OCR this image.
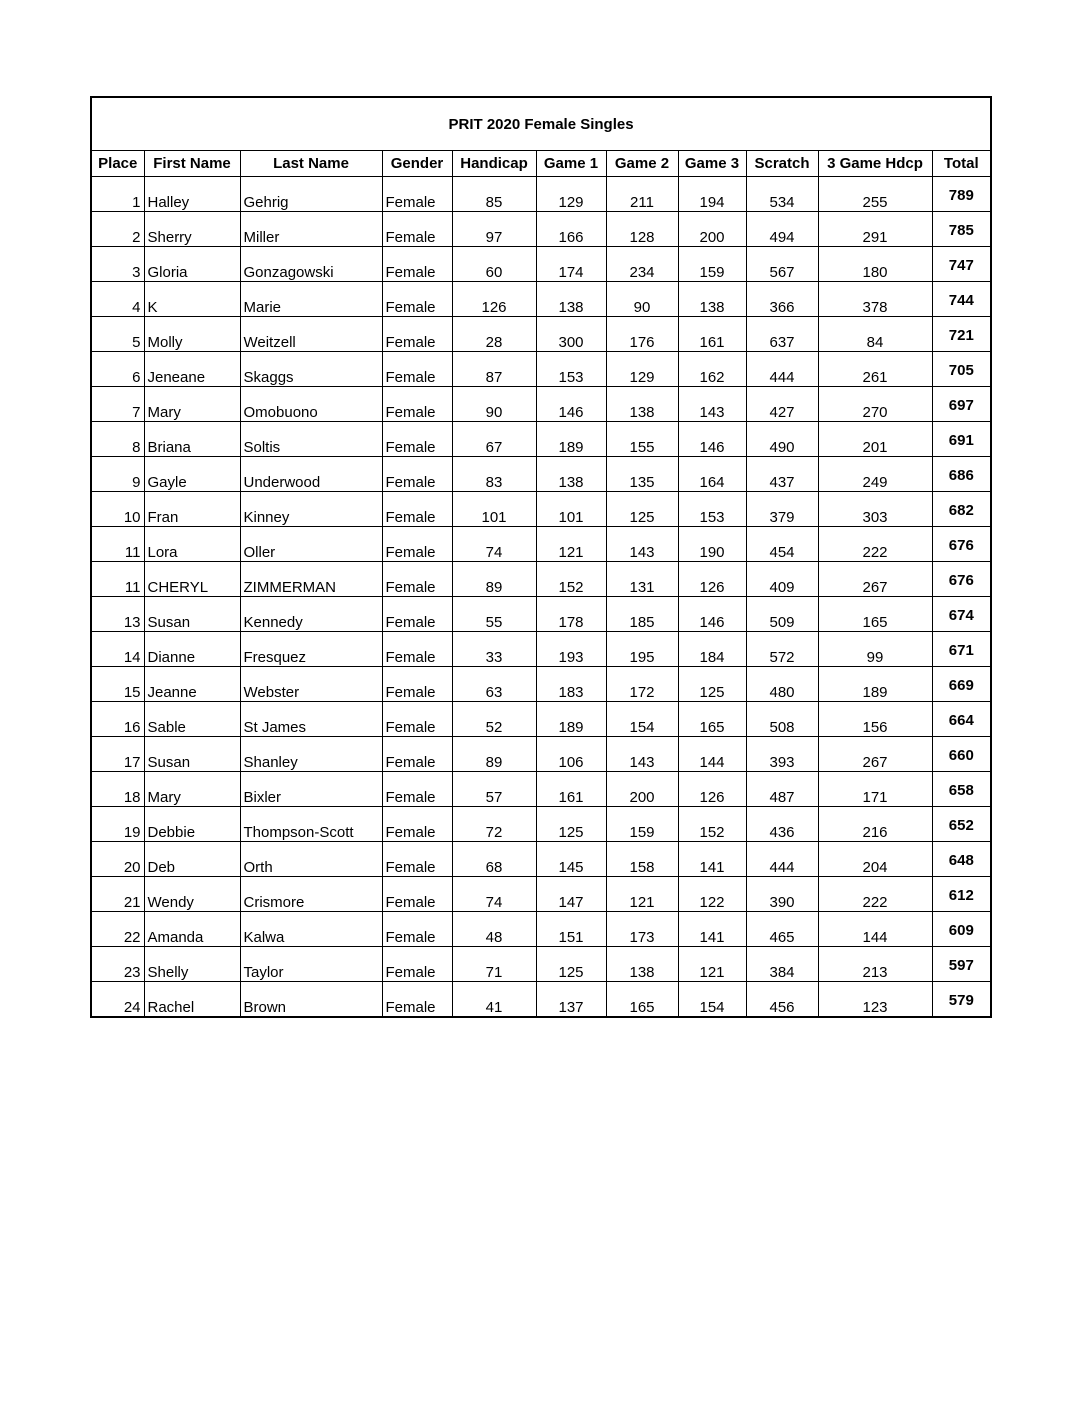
PRIT 2020 Female Singles										
Place	First Name	Last Name	Gender	Handicap	Game 1	Game 2	Game 3	Scratch	3 Game Hdcp	Total
1	Halley	Gehrig	Female	85	129	211	194	534	255	789
2	Sherry	Miller	Female	97	166	128	200	494	291	785
3	Gloria	Gonzagowski	Female	60	174	234	159	567	180	747
4	K	Marie	Female	126	138	90	138	366	378	744
5	Molly	Weitzell	Female	28	300	176	161	637	84	721
6	Jeneane	Skaggs	Female	87	153	129	162	444	261	705
7	Mary	Omobuono	Female	90	146	138	143	427	270	697
8	Briana	Soltis	Female	67	189	155	146	490	201	691
9	Gayle	Underwood	Female	83	138	135	164	437	249	686
10	Fran	Kinney	Female	101	101	125	153	379	303	682
11	Lora	Oller	Female	74	121	143	190	454	222	676
11	CHERYL	ZIMMERMAN	Female	89	152	131	126	409	267	676
13	Susan	Kennedy	Female	55	178	185	146	509	165	674
14	Dianne	Fresquez	Female	33	193	195	184	572	99	671
15	Jeanne	Webster	Female	63	183	172	125	480	189	669
16	Sable	St James	Female	52	189	154	165	508	156	664
17	Susan	Shanley	Female	89	106	143	144	393	267	660
18	Mary	Bixler	Female	57	161	200	126	487	171	658
19	Debbie	Thompson-Scott	Female	72	125	159	152	436	216	652
20	Deb	Orth	Female	68	145	158	141	444	204	648
21	Wendy	Crismore	Female	74	147	121	122	390	222	612
22	Amanda	Kalwa	Female	48	151	173	141	465	144	609
23	Shelly	Taylor	Female	71	125	138	121	384	213	597
24	Rachel	Brown	Female	41	137	165	154	456	123	579
